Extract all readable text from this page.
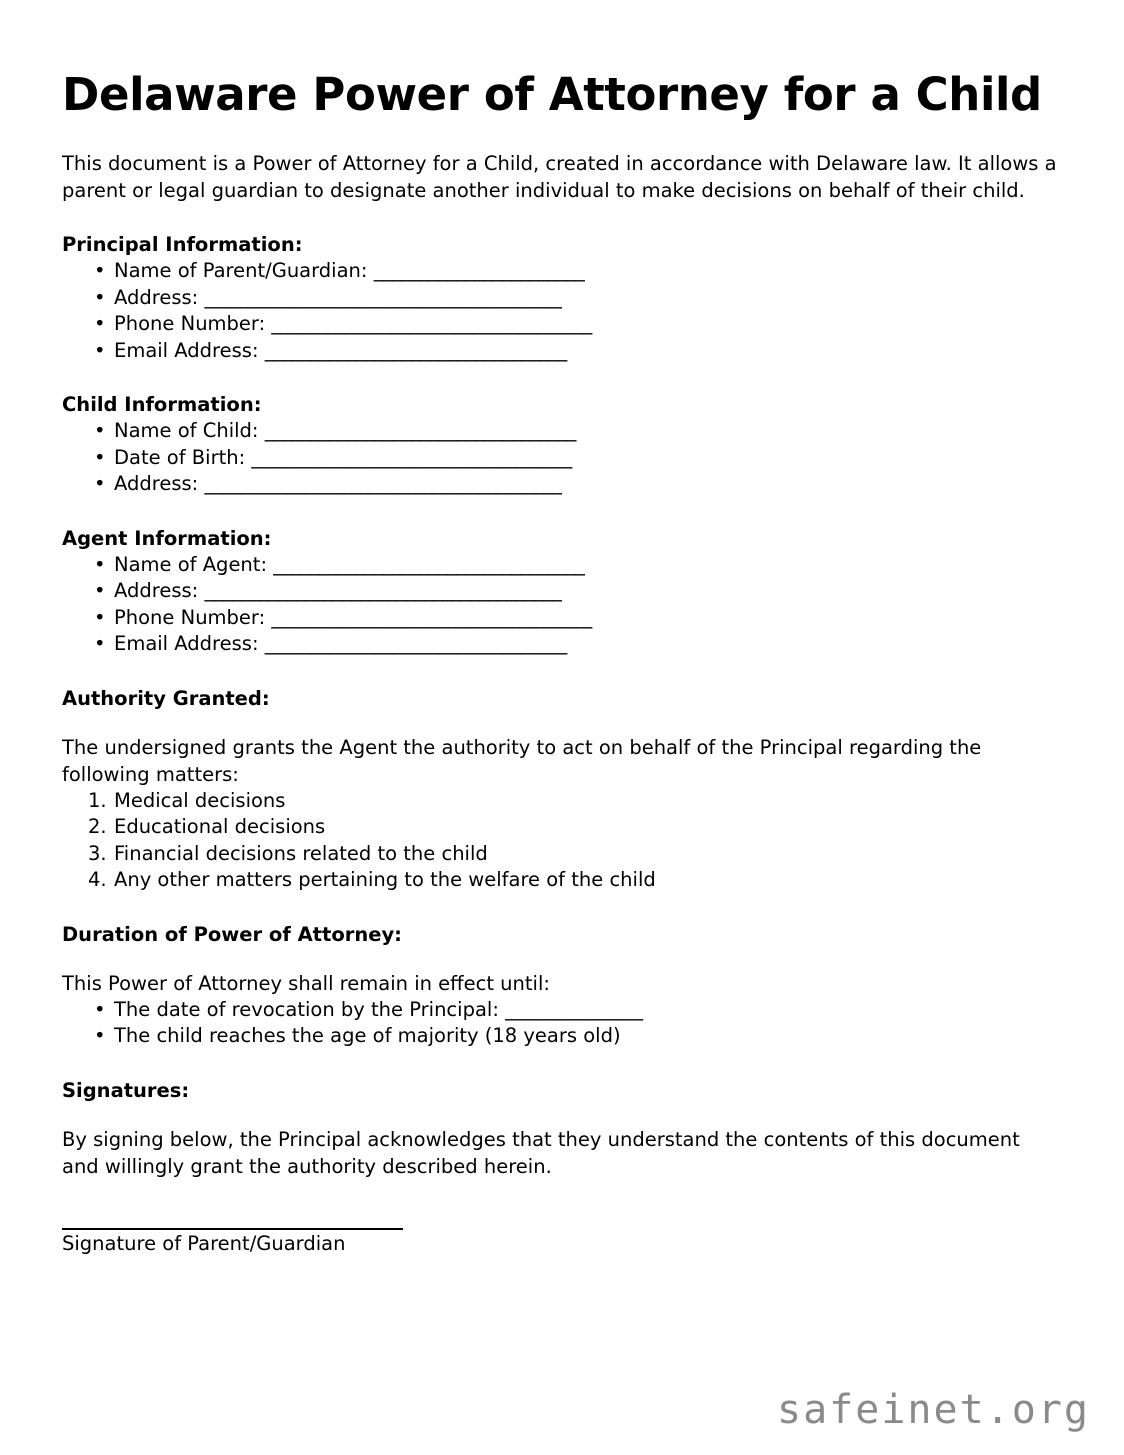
Delaware Power of Attorney for a Child

This document is a Power of Attorney for a Child, created in accordance with Delaware law. It allows a parent or legal guardian to designate another individual to make decisions on behalf of their child.

Principal Information:
• Name of Parent/Guardian: _______________________
• Address: _______________________________________
• Phone Number: ___________________________________
• Email Address: _________________________________
Child Information:
• Name of Child: __________________________________
• Date of Birth: ___________________________________
• Address: _______________________________________
Agent Information:
• Name of Agent: __________________________________
• Address: _______________________________________
• Phone Number: ___________________________________
• Email Address: _________________________________
Authority Granted:

The undersigned grants the Agent the authority to act on behalf of the Principal regarding the following matters:

Medical decisions
Educational decisions
Financial decisions related to the child
Any other matters pertaining to the welfare of the child
Duration of Power of Attorney:

This Power of Attorney shall remain in effect until:

• The date of revocation by the Principal: _______________
• The child reaches the age of majority (18 years old)
Signatures:

By signing below, the Principal acknowledges that they understand the contents of this document and willingly grant the authority described herein.

Signature of Parent/Guardian

safeinet.org
